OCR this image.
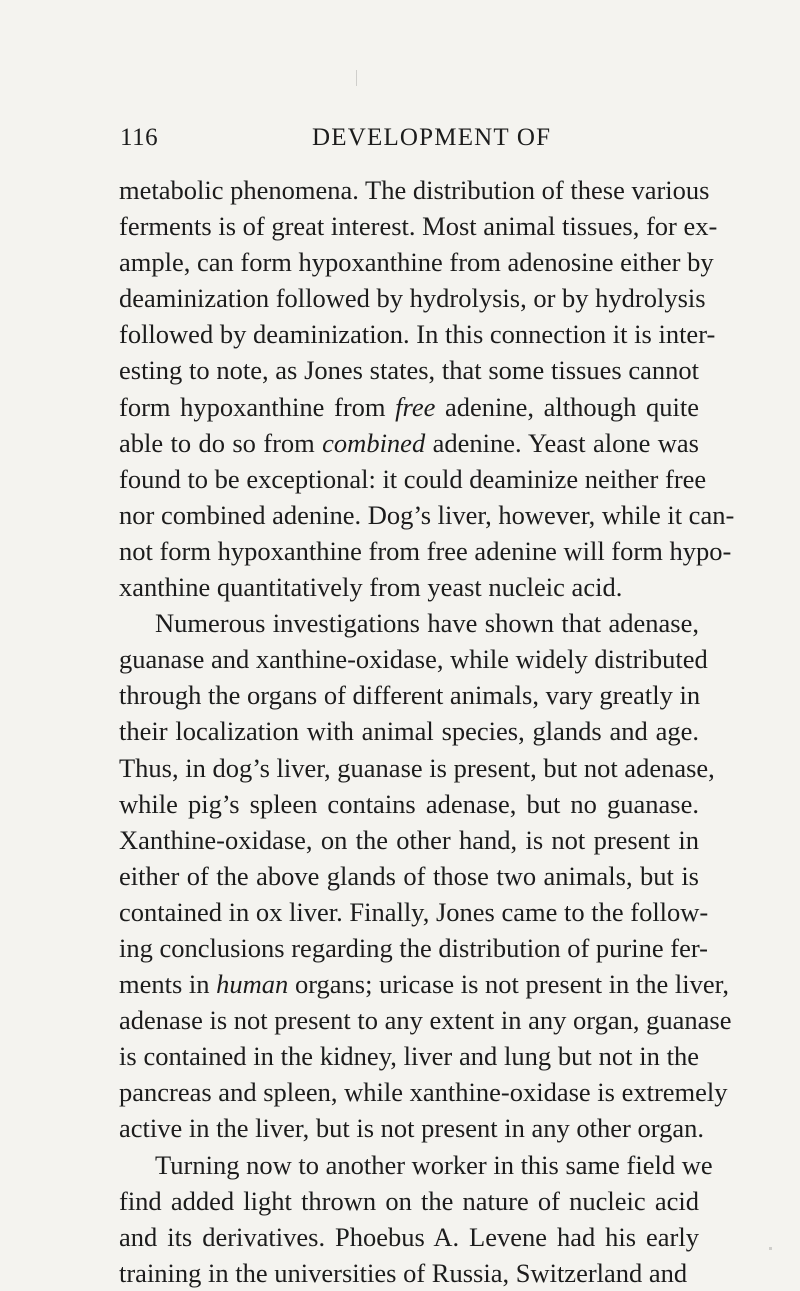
116	DEVELOPMENT OF
metabolic phenomena. The distribution of these various
ferments is of great interest. Most animal tissues, for ex-
ample, can form hypoxanthine from adenosine either by
deaminization followed by hydrolysis, or by hydrolysis
followed by deaminization. In this connection it is inter-
esting to note, as Jones states, that some tissues cannot
form hypoxanthine from free adenine, although quite
able to do so from combined adenine. Yeast alone was
found to be exceptional: it could deaminize neither free
nor combined adenine. Dog’s liver, however, while it can-
not form hypoxanthine from free adenine will form hypo-
xanthine quantitatively from yeast nucleic acid.
Numerous investigations have shown that adenase,
guanase and xanthine-oxidase, while widely distributed
through the organs of different animals, vary greatly in
their localization with animal species, glands and age.
Thus, in dog’s liver, guanase is present, but not adenase,
while pig’s spleen contains adenase, but no guanase.
Xanthine-oxidase, on the other hand, is not present in
either of the above glands of those two animals, but is
contained in ox liver. Finally, Jones came to the follow-
ing conclusions regarding the distribution of purine fer-
ments in human organs; uricase is not present in the liver,
adenase is not present to any extent in any organ, guanase
is contained in the kidney, liver and lung but not in the
pancreas and spleen, while xanthine-oxidase is extremely
active in the liver, but is not present in any other organ.
Turning now to another worker in this same field we
find added light thrown on the nature of nucleic acid
and its derivatives. Phoebus A. Levene had his early
training in the universities of Russia, Switzerland and
